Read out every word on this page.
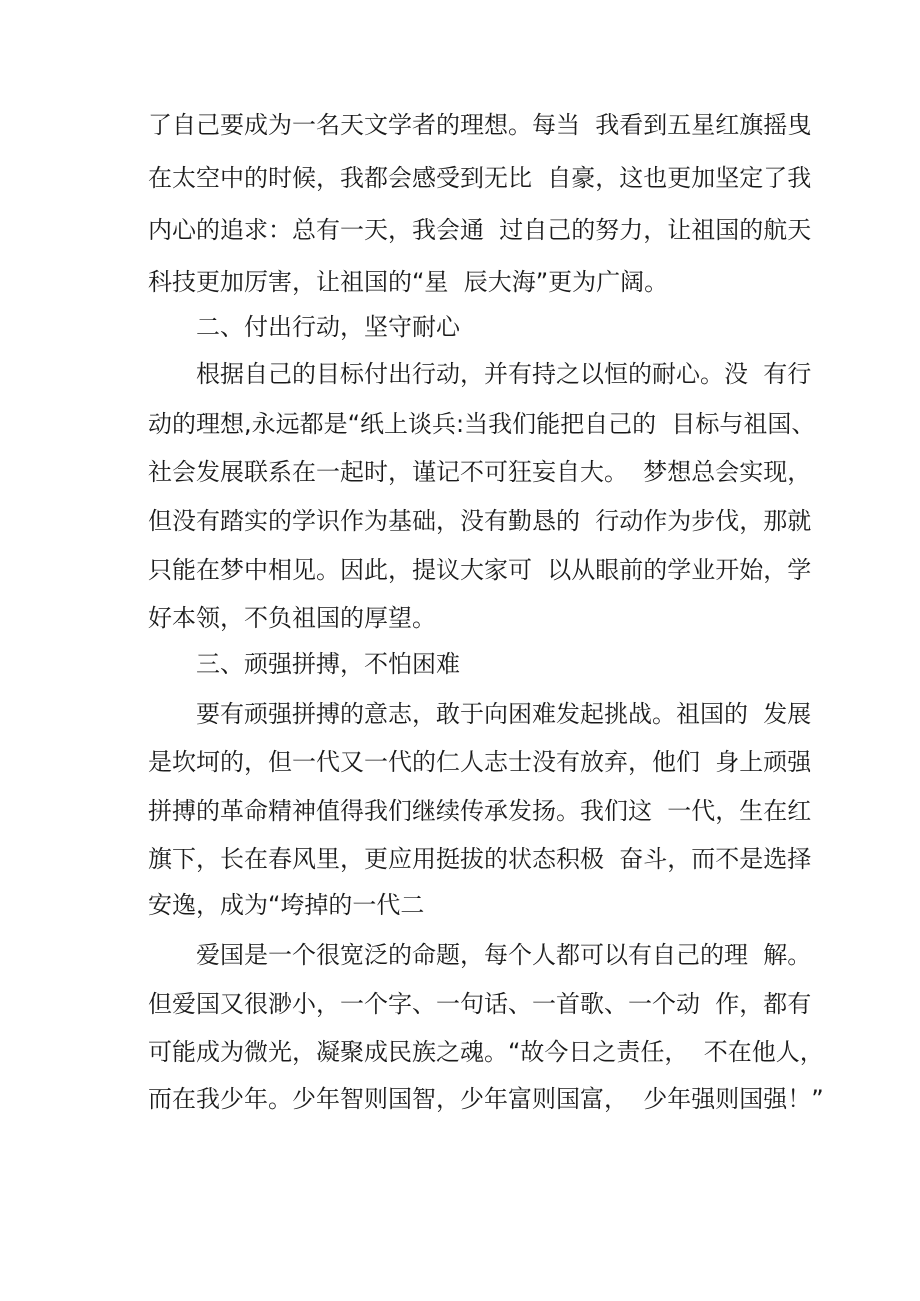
了自己要成为一名天文学者的理想。每当  我看到五星红旗摇曳

在太空中的时候，我都会感受到无比  自豪，这也更加坚定了我

内心的追求：总有一天，我会通  过自己的努力，让祖国的航天

科技更加厉害，让祖国的“星  辰大海”更为广阔。

二、付出行动，坚守耐心

根据自己的目标付出行动，并有持之以恒的耐心。没  有行

动的理想,永远都是“纸上谈兵:当我们能把自己的  目标与祖国、

社会发展联系在一起时，谨记不可狂妄自大。  梦想总会实现，

但没有踏实的学识作为基础，没有勤恳的  行动作为步伐，那就

只能在梦中相见。因此，提议大家可  以从眼前的学业开始，学

好本领，不负祖国的厚望。

三、顽强拼搏，不怕困难

要有顽强拼搏的意志，敢于向困难发起挑战。祖国的  发展

是坎坷的，但一代又一代的仁人志士没有放弃，他们  身上顽强

拼搏的革命精神值得我们继续传承发扬。我们这  一代，生在红

旗下，长在春风里，更应用挺拔的状态积极  奋斗，而不是选择

安逸，成为“垮掉的一代二

爱国是一个很宽泛的命题，每个人都可以有自己的理  解。

但爱国又很渺小，一个字、一句话、一首歌、一个动  作，都有

可能成为微光，凝聚成民族之魂。“故今日之责任，  不在他人，

而在我少年。少年智则国智，少年富则国富，  少年强则国强！”
